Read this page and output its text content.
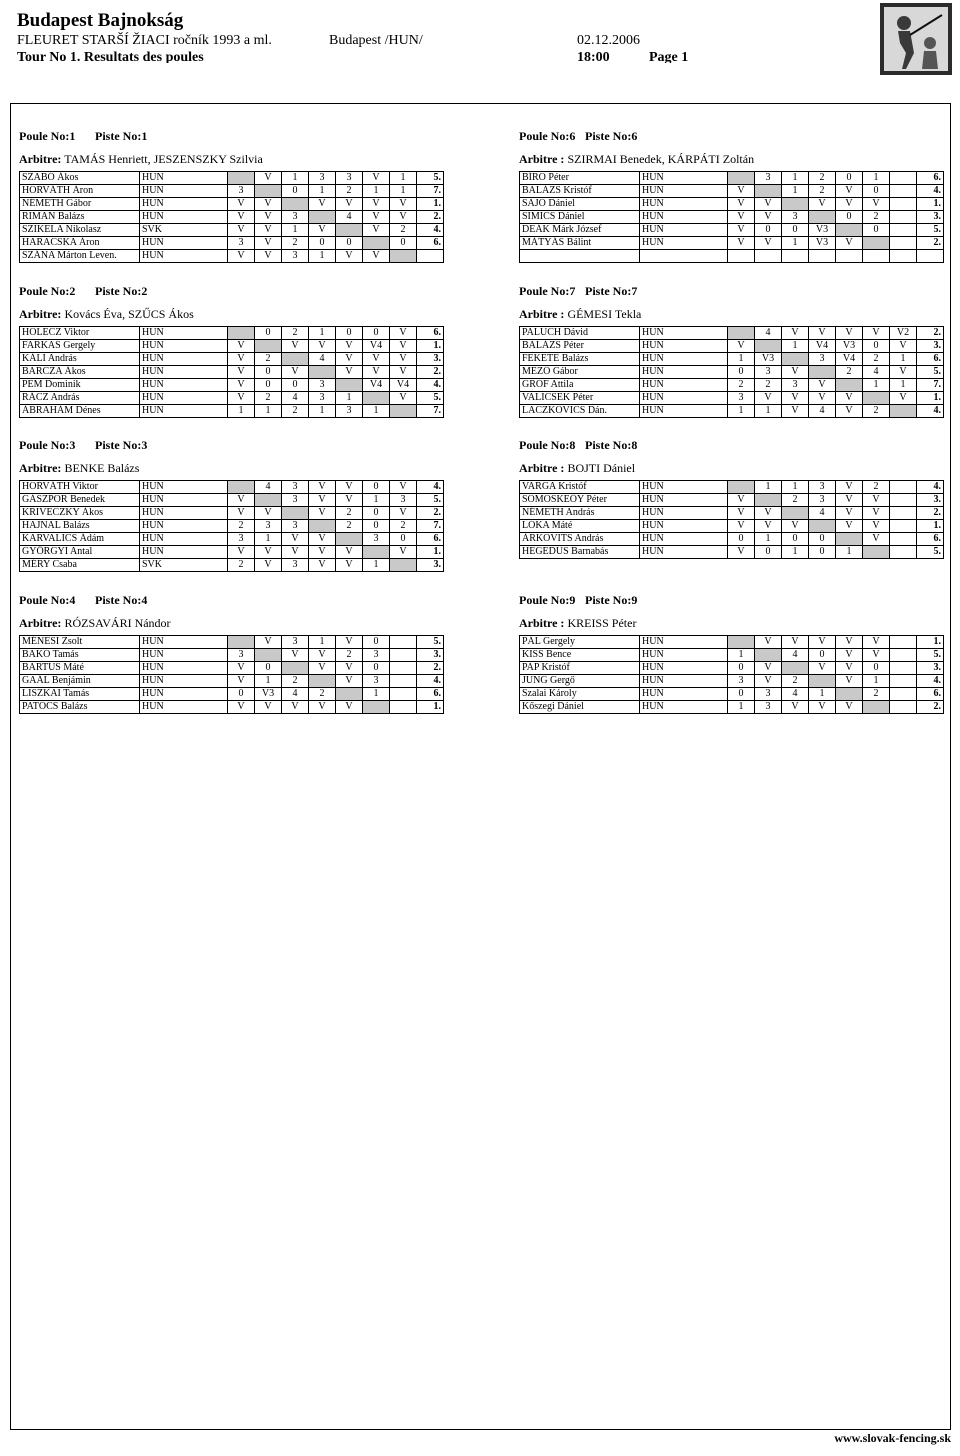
Budapest Bajnokság
FLEURET STARŠÍ ŽIACI ročník 1993 a ml.	Budapest /HUN/	02.12.2006
Tour No 1. Resultats des poules	18:00	Page 1
Poule No:1 Piste No:1
Arbitre: TAMÁS Henriett, JESZENSZKY Szilvia
SZABÓ Ákos	HUN		V	1	3	3	V	1	5.
HORVÁTH Áron	HUN	3		0	1	2	1	1	7.
NÉMETH Gábor	HUN	V	V		V	V	V	V	1.
RIMAN Balázs	HUN	V	V	3		4	V	V	2.
SZIKELA Nikolasz	SVK	V	V	1	V		V	2	4.
HARACSKA Áron	HUN	3	V	2	0	0		0	6.
SZÁNA Márton Leven.	HUN	V	V	3	1	V	V		
Poule No:6 Piste No:6
Arbitre : SZIRMAI Benedek, KÁRPÁTI Zoltán
BÍRÓ Péter	HUN		3	1	2	0	1		6.
BALÁZS Kristóf	HUN	V		1	2	V	0		4.
SAJÓ Dániel	HUN	V	V		V	V	V		1.
SIMICS Dániel	HUN	V	V	3		0	2		3.
DEÁK Márk József	HUN	V	0	0	V3		0		5.
MÁTYÁS Bálint	HUN	V	V	1	V3	V			2.

Poule No:2 Piste No:2
Arbitre: Kovács Éva, SZŰCS Ákos
HOLECZ Viktor	HUN		0	2	1	0	0	V	6.
FARKAS Gergely	HUN	V		V	V	V	V4	V	1.
KÁLI András	HUN	V	2		4	V	V	V	3.
BARCZA Ákos	HUN	V	0	V		V	V	V	2.
PEM Dominik	HUN	V	0	0	3		V4	V4	4.
RÁCZ András	HUN	V	2	4	3	1		V	5.
ÁBRAHÁM Dénes	HUN	1	1	2	1	3	1		7.
Poule No:7 Piste No:7
Arbitre : GÉMESI Tekla
PALUCH Dávid	HUN		4	V	V	V	V	V2	2.
BALÁZS Péter	HUN	V		1	V4	V3	0	V	3.
FEKETE Balázs	HUN	1	V3		3	V4	2	1	6.
MEZŐ Gábor	HUN	0	3	V		2	4	V	5.
GRÓF Attila	HUN	2	2	3	V		1	1	7.
VALICSEK Péter	HUN	3	V	V	V	V		V	1.
LACZKOVICS Dán.	HUN	1	1	V	4	V	2		4.
Poule No:3 Piste No:3
Arbitre: BENKE Balázs
HORVÁTH Viktor	HUN		4	3	V	V	0	V	4.
GÁSZPOR Benedek	HUN	V		3	V	V	1	3	5.
KRIVECZKY Ákos	HUN	V	V		V	2	0	V	2.
HAJNAL Balázs	HUN	2	3	3		2	0	2	7.
KARVALICS Ádám	HUN	3	1	V	V		3	0	6.
GYÖRGYI Antal	HUN	V	V	V	V	V		V	1.
MÉRY Csaba	SVK	2	V	3	V	V	1		3.
Poule No:8 Piste No:8
Arbitre : BOJTI Dániel
VARGA Kristóf	HUN		1	1	3	V	2		4.
SOMOSKEŐY Péter	HUN	V		2	3	V	V		3.
NÉMETH András	HUN	V	V		4	V	V		2.
LÓKA Máté	HUN	V	V	V		V	V		1.
ÁRKOVITS András	HUN	0	1	0	0		V		6.
HEGEDŰS Barnabás	HUN	V	0	1	0	1			5.
Poule No:4 Piste No:4
Arbitre: RÓZSAVÁRI Nándor
MÉNESI Zsolt	HUN		V	3	1	V	0		5.
BAKÓ Tamás	HUN	3		V	V	2	3		3.
BARTUS Máté	HUN	V	0		V	V	0		2.
GAÁL Benjámin	HUN	V	1	2		V	3		4.
LISZKAI Tamás	HUN	0	V3	4	2		1		6.
PATÓCS Balázs	HUN	V	V	V	V	V			1.
Poule No:9 Piste No:9
Arbitre : KREISS Péter
PÁL Gergely	HUN		V	V	V	V	V		1.
KISS Bence	HUN	1		4	0	V	V		5.
PAP Kristóf	HUN	0	V		V	V	0		3.
JUNG Gergő	HUN	3	V	2		V	1		4.
Szalai Károly	HUN	0	3	4	1		2		6.
Kőszegi Dániel	HUN	1	3	V	V	V			2.
www.slovak-fencing.sk
